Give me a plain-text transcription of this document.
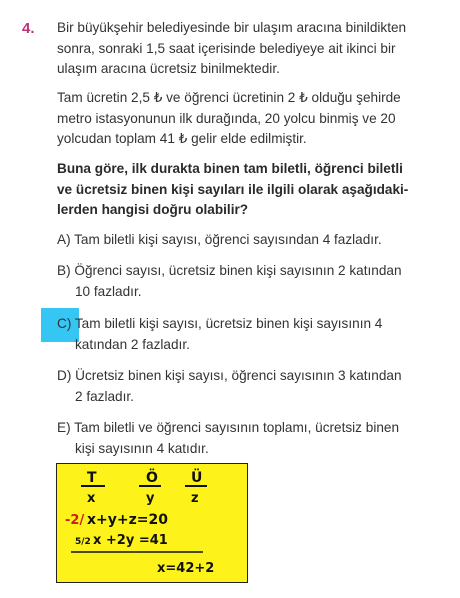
4. Bir büyükşehir belediyesinde bir ulaşım aracına binildikten
sonra, sonraki 1,5 saat içerisinde belediyeye ait ikinci bir
ulaşım aracına ücretsiz binilmektedir.
Tam ücretin 2,5 ₺ ve öğrenci ücretinin 2 ₺ olduğu şehirde
metro istasyonunun ilk durağında, 20 yolcu binmiş ve 20
yolcudan toplam 41 ₺ gelir elde edilmiştir.
Buna göre, ilk durakta binen tam biletli, öğrenci biletli
ve ücretsiz binen kişi sayıları ile ilgili olarak aşağıdaki-
lerden hangisi doğru olabilir?
A) Tam biletli kişi sayısı, öğrenci sayısından 4 fazladır.
B) Öğrenci sayısı, ücretsiz binen kişi sayısının 2 katından
10 fazladır.
C) Tam biletli kişi sayısı, ücretsiz binen kişi sayısının 4
katından 2 fazladır.
D) Ücretsiz binen kişi sayısı, öğrenci sayısının 3 katından
2 fazladır.
E) Tam biletli ve öğrenci sayısının toplamı, ücretsiz binen
kişi sayısının 4 katıdır.
T	Ö Ü
x	y	z
-2/ x+y+z=20
5/2 x +2y =41
x=42+2
